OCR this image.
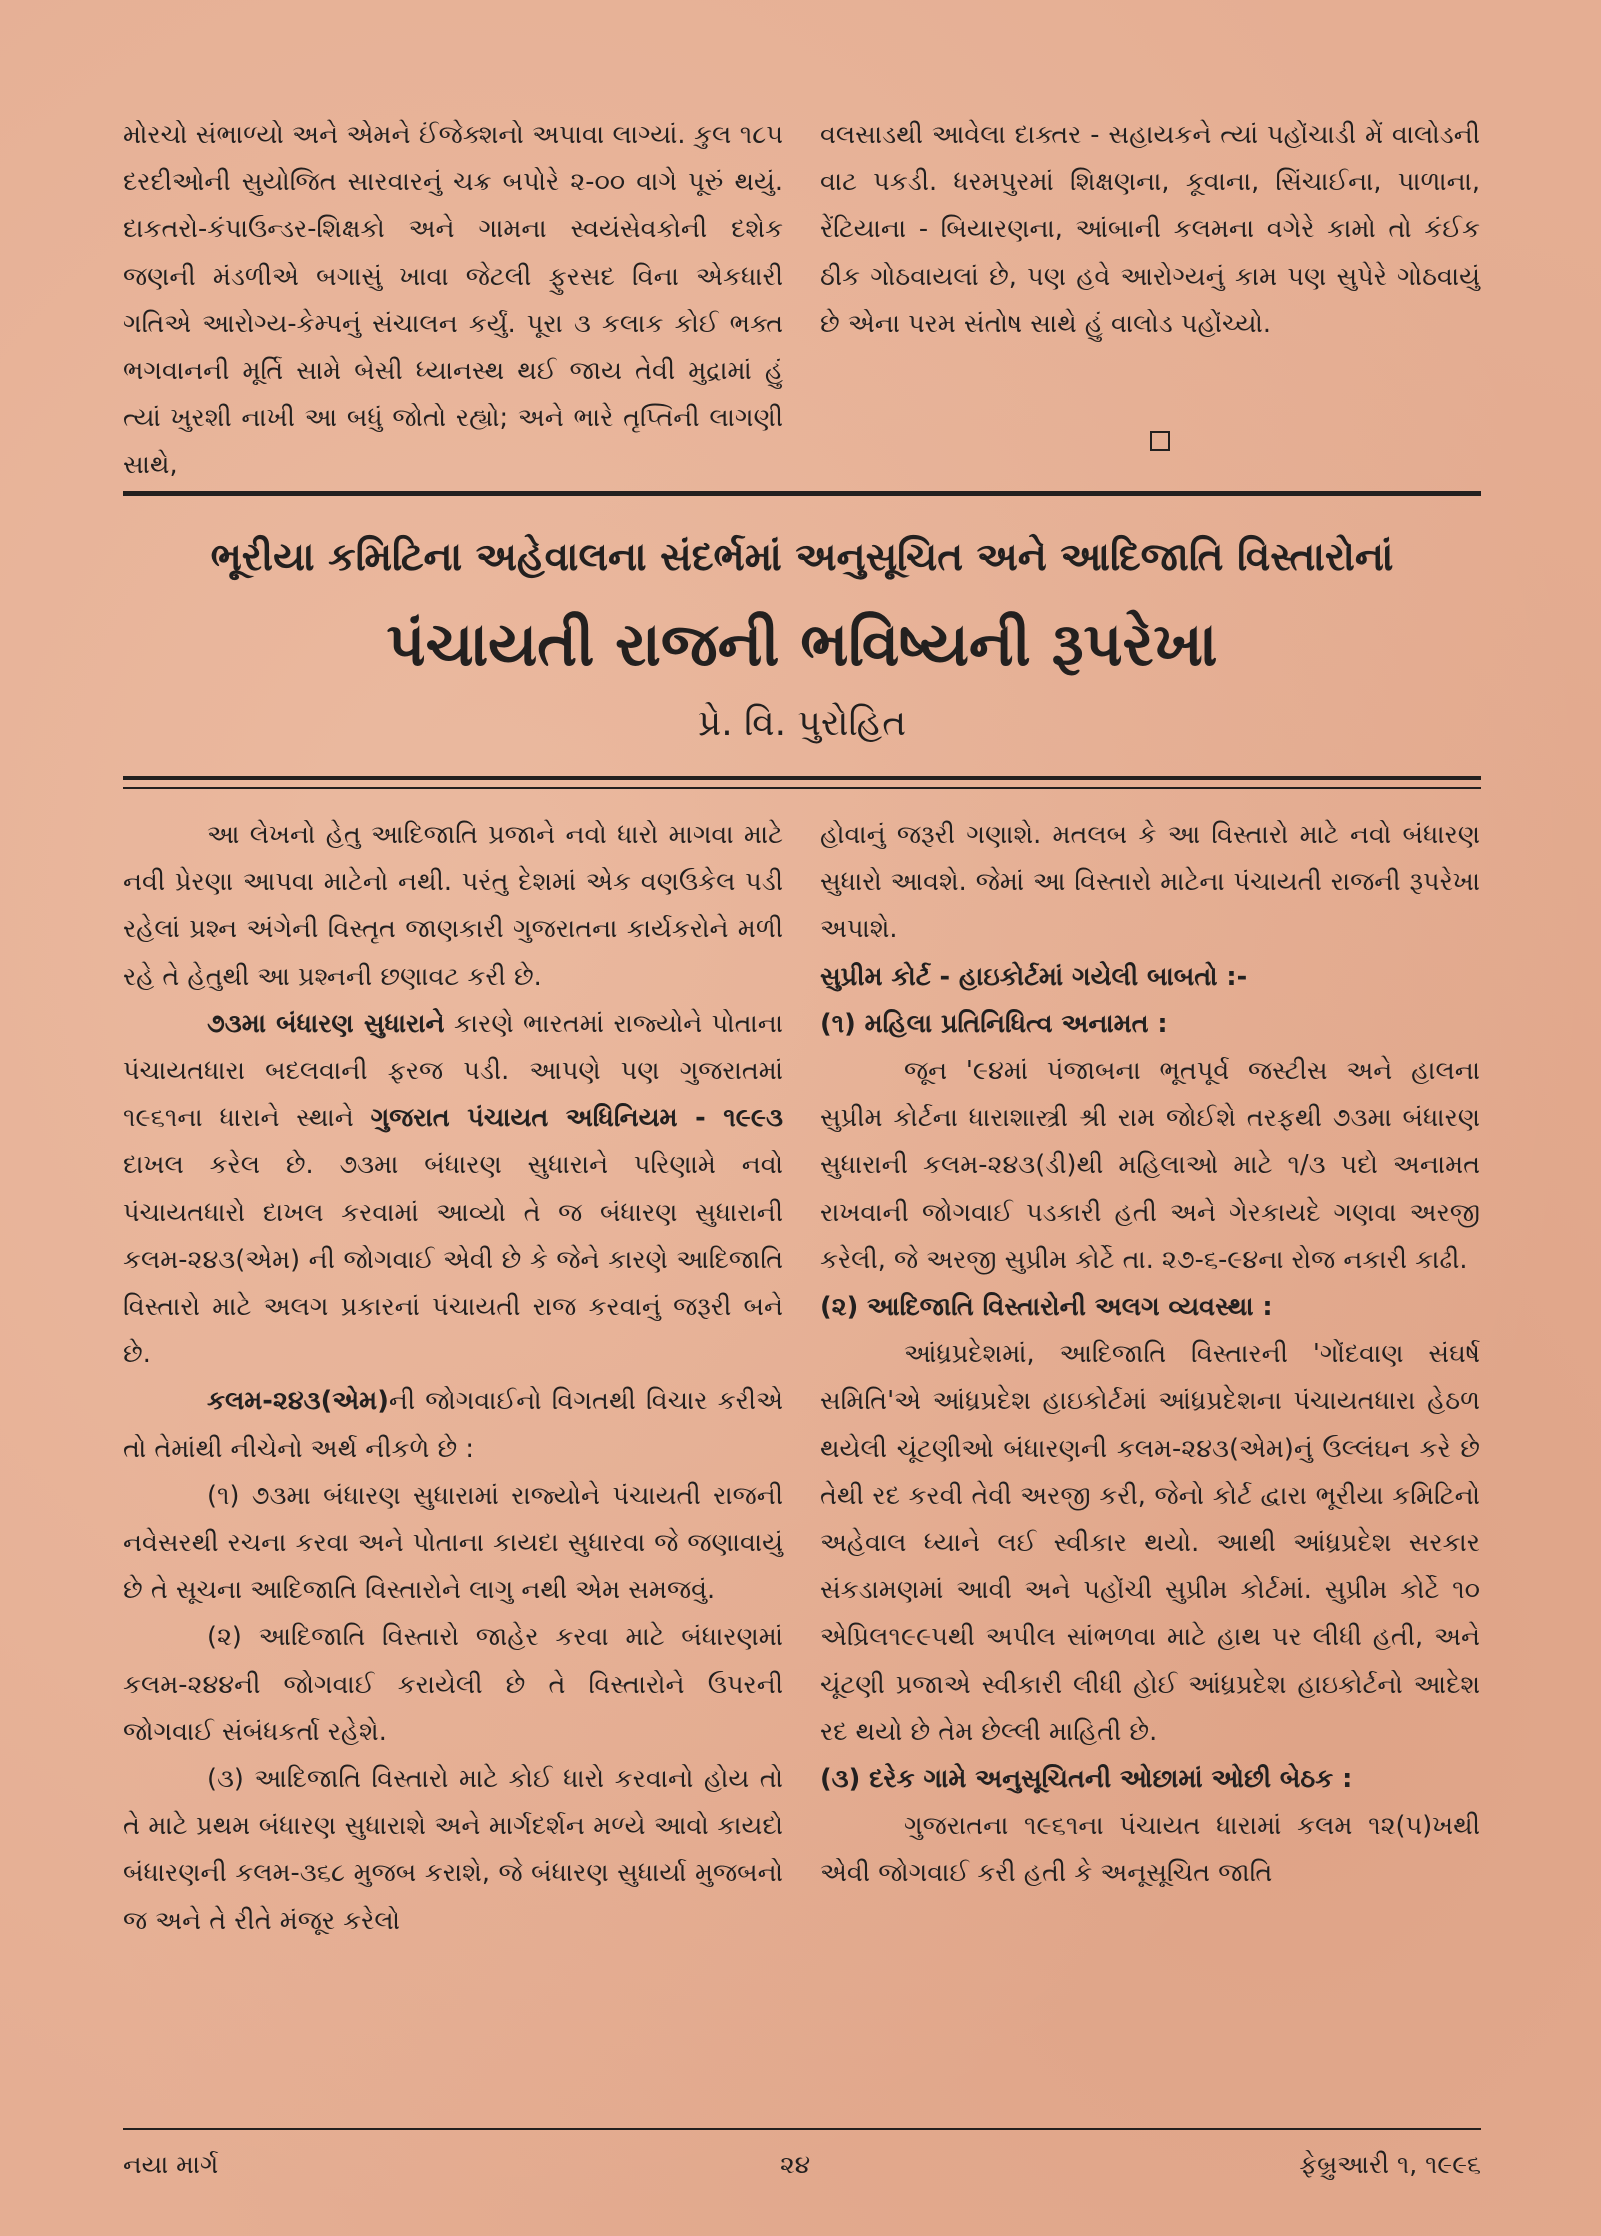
મોરચો સંભાળ્યો અને એમને ઈંજેક્શનો અપાવા લાગ્યાં. કુલ ૧૮૫ દરદીઓની સુયોજિત સારવારનું ચક્ર બપોરે ૨-૦૦ વાગે પૂરું થયું. દાકતરો-કંપાઉન્ડર-શિક્ષકો અને ગામના સ્વયંસેવકોની દશેક જણની મંડળીએ બગાસું ખાવા જેટલી ફુરસદ વિના એકધારી ગતિએ આરોગ્ય-કેમ્પનું સંચાલન કર્યું. પૂરા ૩ કલાક કોઈ ભક્ત ભગવાનની મૂર્તિ સામે બેસી ધ્યાનસ્થ થઈ જાય તેવી મુદ્રામાં હું ત્યાં ખુરશી નાખી આ બધું જોતો રહ્યો; અને ભારે તૃપ્તિની લાગણી સાથે,

વલસાડથી આવેલા દાક્તર - સહાયકને ત્યાં પહોંચાડી મેં વાલોડની વાટ પકડી. ધરમપુરમાં શિક્ષણના, કૂવાના, સિંચાઈના, પાળાના, રેંટિયાના - બિયારણના, આંબાની કલમના વગેરે કામો તો કંઈક ઠીક ગોઠવાયલાં છે, પણ હવે આરોગ્યનું કામ પણ સુપેરે ગોઠવાયું છે એના પરમ સંતોષ સાથે હું વાલોડ પહોંચ્યો.

ભૂરીયા કમિટિના અહેવાલના સંદર્ભમાં અનુસૂચિત અને આદિજાતિ વિસ્તારોનાં
પંચાયતી રાજની ભવિષ્યની રૂપરેખા
પ્રે. વિ. પુરોહિત

આ લેખનો હેતુ આદિજાતિ પ્રજાને નવો ધારો માગવા માટે નવી પ્રેરણા આપવા માટેનો નથી. પરંતુ દેશમાં એક વણઉકેલ પડી રહેલાં પ્રશ્ન અંગેની વિસ્તૃત જાણકારી ગુજરાતના કાર્યકરોને મળી રહે તે હેતુથી આ પ્રશ્નની છણાવટ કરી છે.

૭૩મા બંધારણ સુધારાને કારણે ભારતમાં રાજ્યોને પોતાના પંચાયતધારા બદલવાની ફરજ પડી. આપણે પણ ગુજરાતમાં ૧૯૬૧ના ધારાને સ્થાને ગુજરાત પંચાયત અધિનિયમ - ૧૯૯૩ દાખલ કરેલ છે. ૭૩મા બંધારણ સુધારાને પરિણામે નવો પંચાયતધારો દાખલ કરવામાં આવ્યો તે જ બંધારણ સુધારાની કલમ-૨૪૩(એમ) ની જોગવાઈ એવી છે કે જેને કારણે આદિજાતિ વિસ્તારો માટે અલગ પ્રકારનાં પંચાયતી રાજ કરવાનું જરૂરી બને છે.

કલમ-૨૪૩(એમ)ની જોગવાઈનો વિગતથી વિચાર કરીએ તો તેમાંથી નીચેનો અર્થ નીકળે છે :

(૧) ૭૩મા બંધારણ સુધારામાં રાજ્યોને પંચાયતી રાજની નવેસરથી રચના કરવા અને પોતાના કાયદા સુધારવા જે જણાવાયું છે તે સૂચના આદિજાતિ વિસ્તારોને લાગુ નથી એમ સમજવું.

(૨) આદિજાતિ વિસ્તારો જાહેર કરવા માટે બંધારણમાં કલમ-૨૪૪ની જોગવાઈ કરાયેલી છે તે વિસ્તારોને ઉપરની જોગવાઈ સંબંધકર્તા રહેશે.

(૩) આદિજાતિ વિસ્તારો માટે કોઈ ધારો કરવાનો હોય તો તે માટે પ્રથમ બંધારણ સુધારાશે અને માર્ગદર્શન મળ્યે આવો કાયદો બંધારણની કલમ-૩૬૮ મુજબ કરાશે, જે બંધારણ સુધાર્યા મુજબનો જ અને તે રીતે મંજૂર કરેલો

હોવાનું જરૂરી ગણાશે. મતલબ કે આ વિસ્તારો માટે નવો બંધારણ સુધારો આવશે. જેમાં આ વિસ્તારો માટેના પંચાયતી રાજની રૂપરેખા અપાશે.

સુપ્રીમ કોર્ટ - હાઇકોર્ટમાં ગયેલી બાબતો :-

(૧) મહિલા પ્રતિનિધિત્વ અનામત :

જૂન '૯૪માં પંજાબના ભૂતપૂર્વ જસ્ટીસ અને હાલના સુપ્રીમ કોર્ટના ધારાશાસ્ત્રી શ્રી રામ જોઈશે તરફથી ૭૩મા બંધારણ સુધારાની કલમ-૨૪૩(ડી)થી મહિલાઓ માટે ૧/૩ પદો અનામત રાખવાની જોગવાઈ પડકારી હતી અને ગેરકાયદે ગણવા અરજી કરેલી, જે અરજી સુપ્રીમ કોર્ટે તા. ૨૭-૬-૯૪ના રોજ નકારી કાઢી.

(૨) આદિજાતિ વિસ્તારોની અલગ વ્યવસ્થા :

આંધ્રપ્રદેશમાં, આદિજાતિ વિસ્તારની 'ગોંદવાણ સંઘર્ષ સમિતિ'એ આંધ્રપ્રદેશ હાઇકોર્ટમાં આંધ્રપ્રદેશના પંચાયતધારા હેઠળ થયેલી ચૂંટણીઓ બંધારણની કલમ-૨૪૩(એમ)નું ઉલ્લંઘન કરે છે તેથી રદ કરવી તેવી અરજી કરી, જેનો કોર્ટ દ્વારા ભૂરીયા કમિટિનો અહેવાલ ધ્યાને લઈ સ્વીકાર થયો. આથી આંધ્રપ્રદેશ સરકાર સંકડામણમાં આવી અને પહોંચી સુપ્રીમ કોર્ટમાં. સુપ્રીમ કોર્ટે ૧૦ એપ્રિલ૧૯૯૫થી અપીલ સાંભળવા માટે હાથ પર લીધી હતી, અને ચૂંટણી પ્રજાએ સ્વીકારી લીધી હોઈ આંધ્રપ્રદેશ હાઇકોર્ટનો આદેશ રદ થયો છે તેમ છેલ્લી માહિતી છે.

(૩) દરેક ગામે અનુસૂચિતની ઓછામાં ઓછી બેઠક :

ગુજરાતના ૧૯૬૧ના પંચાયત ધારામાં કલમ ૧૨(૫)ખથી એવી જોગવાઈ કરી હતી કે અનૂસૂચિત જાતિ

નયા માર્ગ	૨૪	ફેબ્રુઆરી ૧, ૧૯૯૬
